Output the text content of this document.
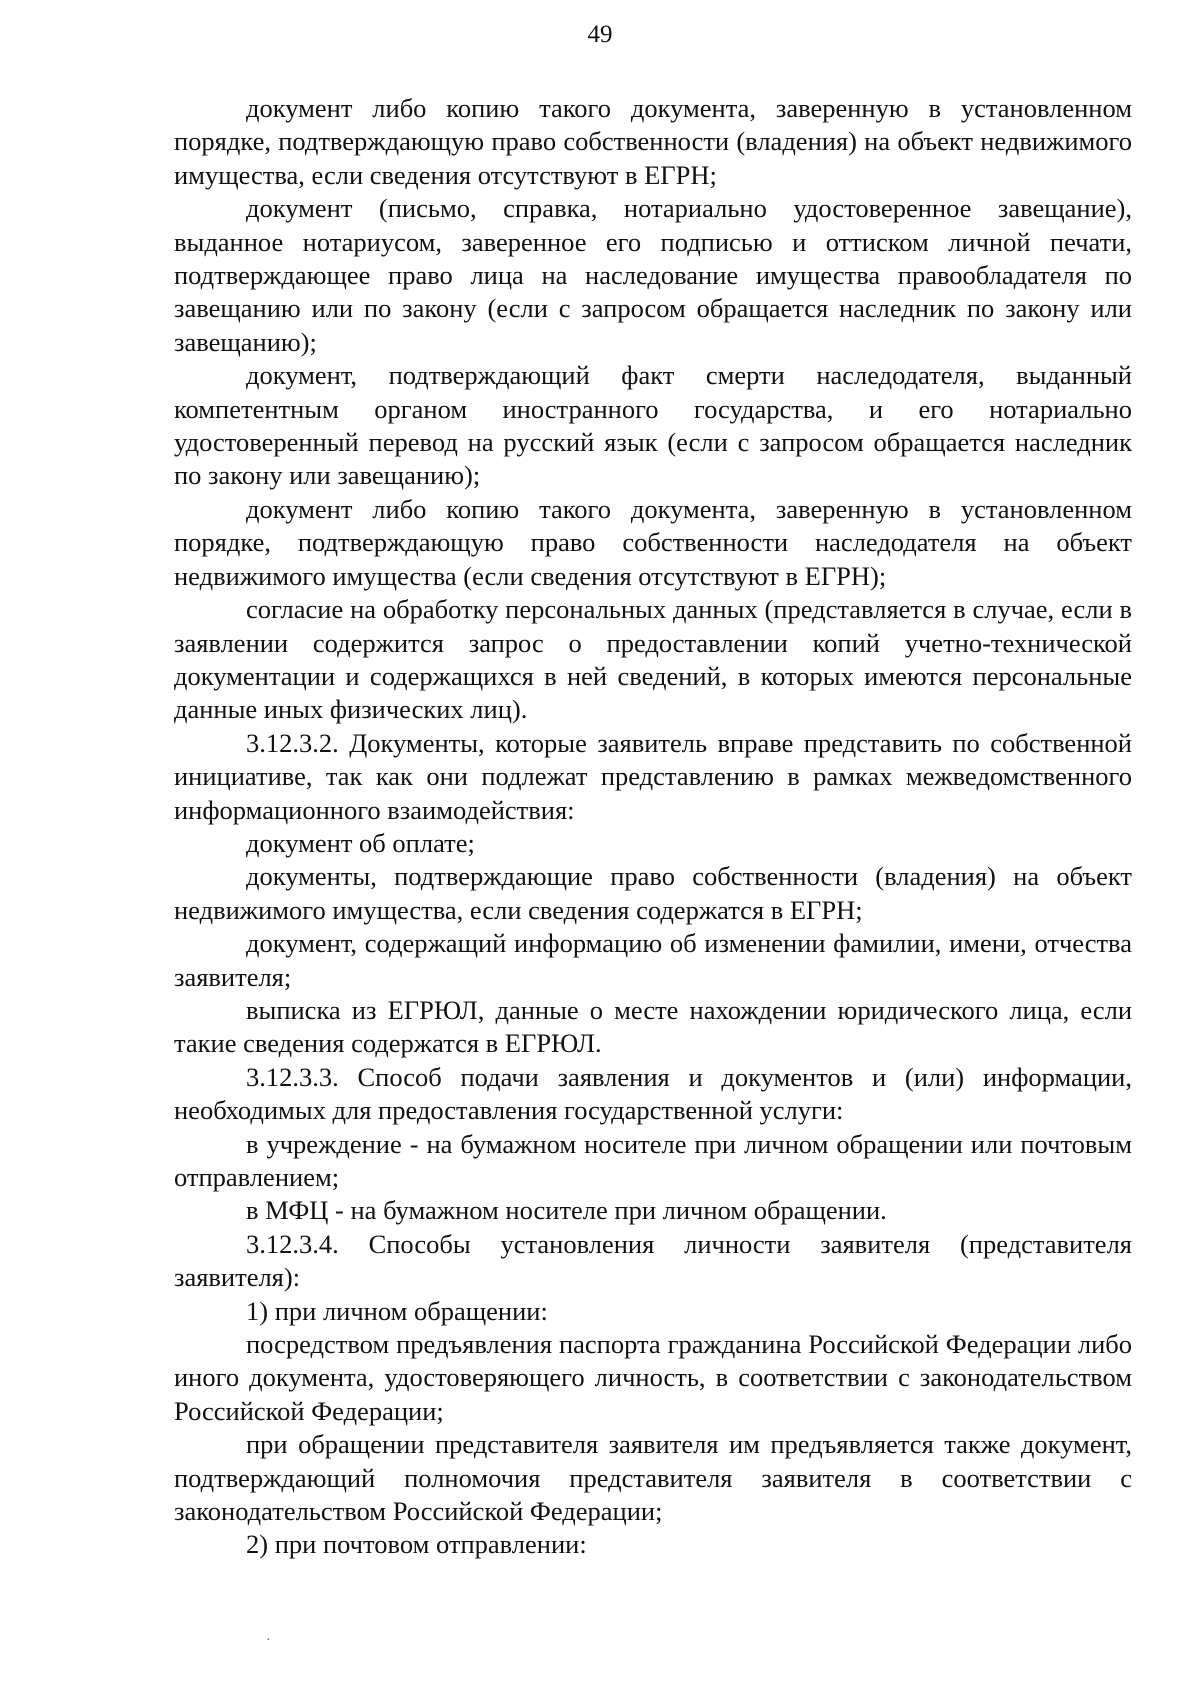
49

документ либо копию такого документа, заверенную в установленном порядке, подтверждающую право собственности (владения) на объект недвижимого имущества, если сведения отсутствуют в ЕГРН;

документ (письмо, справка, нотариально удостоверенное завещание), выданное нотариусом, заверенное его подписью и оттиском личной печати, подтверждающее право лица на наследование имущества правообладателя по завещанию или по закону (если с запросом обращается наследник по закону или завещанию);

документ, подтверждающий факт смерти наследодателя, выданный компетентным органом иностранного государства, и его нотариально удостоверенный перевод на русский язык (если с запросом обращается наследник по закону или завещанию);

документ либо копию такого документа, заверенную в установленном порядке, подтверждающую право собственности наследодателя на объект недвижимого имущества (если сведения отсутствуют в ЕГРН);

согласие на обработку персональных данных (представляется в случае, если в заявлении содержится запрос о предоставлении копий учетно-технической документации и содержащихся в ней сведений, в которых имеются персональные данные иных физических лиц).

3.12.3.2. Документы, которые заявитель вправе представить по собственной инициативе, так как они подлежат представлению в рамках межведомственного информационного взаимодействия:

документ об оплате;

документы, подтверждающие право собственности (владения) на объект недвижимого имущества, если сведения содержатся в ЕГРН;

документ, содержащий информацию об изменении фамилии, имени, отчества заявителя;

выписка из ЕГРЮЛ, данные о месте нахождении юридического лица, если такие сведения содержатся в ЕГРЮЛ.

3.12.3.3. Способ подачи заявления и документов и (или) информации, необходимых для предоставления государственной услуги:

в учреждение - на бумажном носителе при личном обращении или почтовым отправлением;

в МФЦ - на бумажном носителе при личном обращении.

3.12.3.4. Способы установления личности заявителя (представителя заявителя):

1) при личном обращении:

посредством предъявления паспорта гражданина Российской Федерации либо иного документа, удостоверяющего личность, в соответствии с законодательством Российской Федерации;

при обращении представителя заявителя им предъявляется также документ, подтверждающий полномочия представителя заявителя в соответствии с законодательством Российской Федерации;

2) при почтовом отправлении:

·
